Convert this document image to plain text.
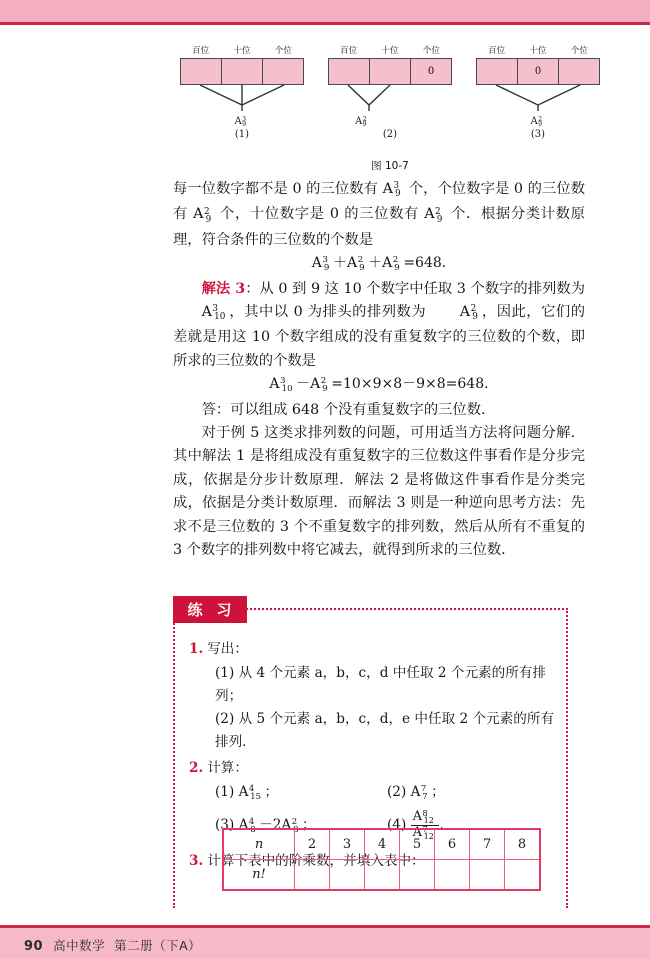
百位	十位	个位
$A^3_9$
(1)
百位	十位	个位
0
$A^2_9$
(2)
百位	十位	个位
0
$A^2_9$
(3)
图 10-7

每一位数字都不是 0 的三位数有 $A^3_9$ 个，个位数字是 0 的三位数有 $A^2_9$ 个，十位数字是 0 的三位数有 $A^2_9$ 个．根据分类计数原理，符合条件的三位数的个数是

$A^3_9 +A^2_9 +A^2_9 =648$.

解法 3：从 0 到 9 这 10 个数字中任取 3 个数字的排列数为 $A^3_{10}$ ，其中以 0 为排头的排列数为 $A^2_9$ ，因此，它们的差就是用这 10 个数字组成的没有重复数字的三位数的个数，即所求的三位数的个数是

$A^3_{10} -A^2_9 =10\times 9\times 8-9\times 8=648$.

答：可以组成 648 个没有重复数字的三位数．

对于例 5 这类求排列数的问题，可用适当方法将问题分解．其中解法 1 是将组成没有重复数字的三位数这件事看作是分步完成，依据是分步计数原理．解法 2 是将做这件事看作是分类完成，依据是分类计数原理．而解法 3 则是一种逆向思考方法：先求不是三位数的 3 个不重复数字的排列数，然后从所有不重复的 3 个数字的排列数中将它减去，就得到所求的三位数．

练 习
1. 写出：
(1) 从 4 个元素 a，b，c，d 中任取 2 个元素的所有排列；
(2) 从 5 个元素 a，b，c，d，e 中任取 2 个元素的所有排列．
2. 计算：
(1) $A^4_{15}$ ；	(2) $A^7_7$ ；
(3) $A^4_8 -2A^2_8$ ；	$(4) \frac{A^8_{12}}{A^7_{12}}$ .
3. 计算下表中的阶乘数，并填入表中：
n	2	3	4	5	6	7	8
n!							
90 高中数学 第二册（下A）
